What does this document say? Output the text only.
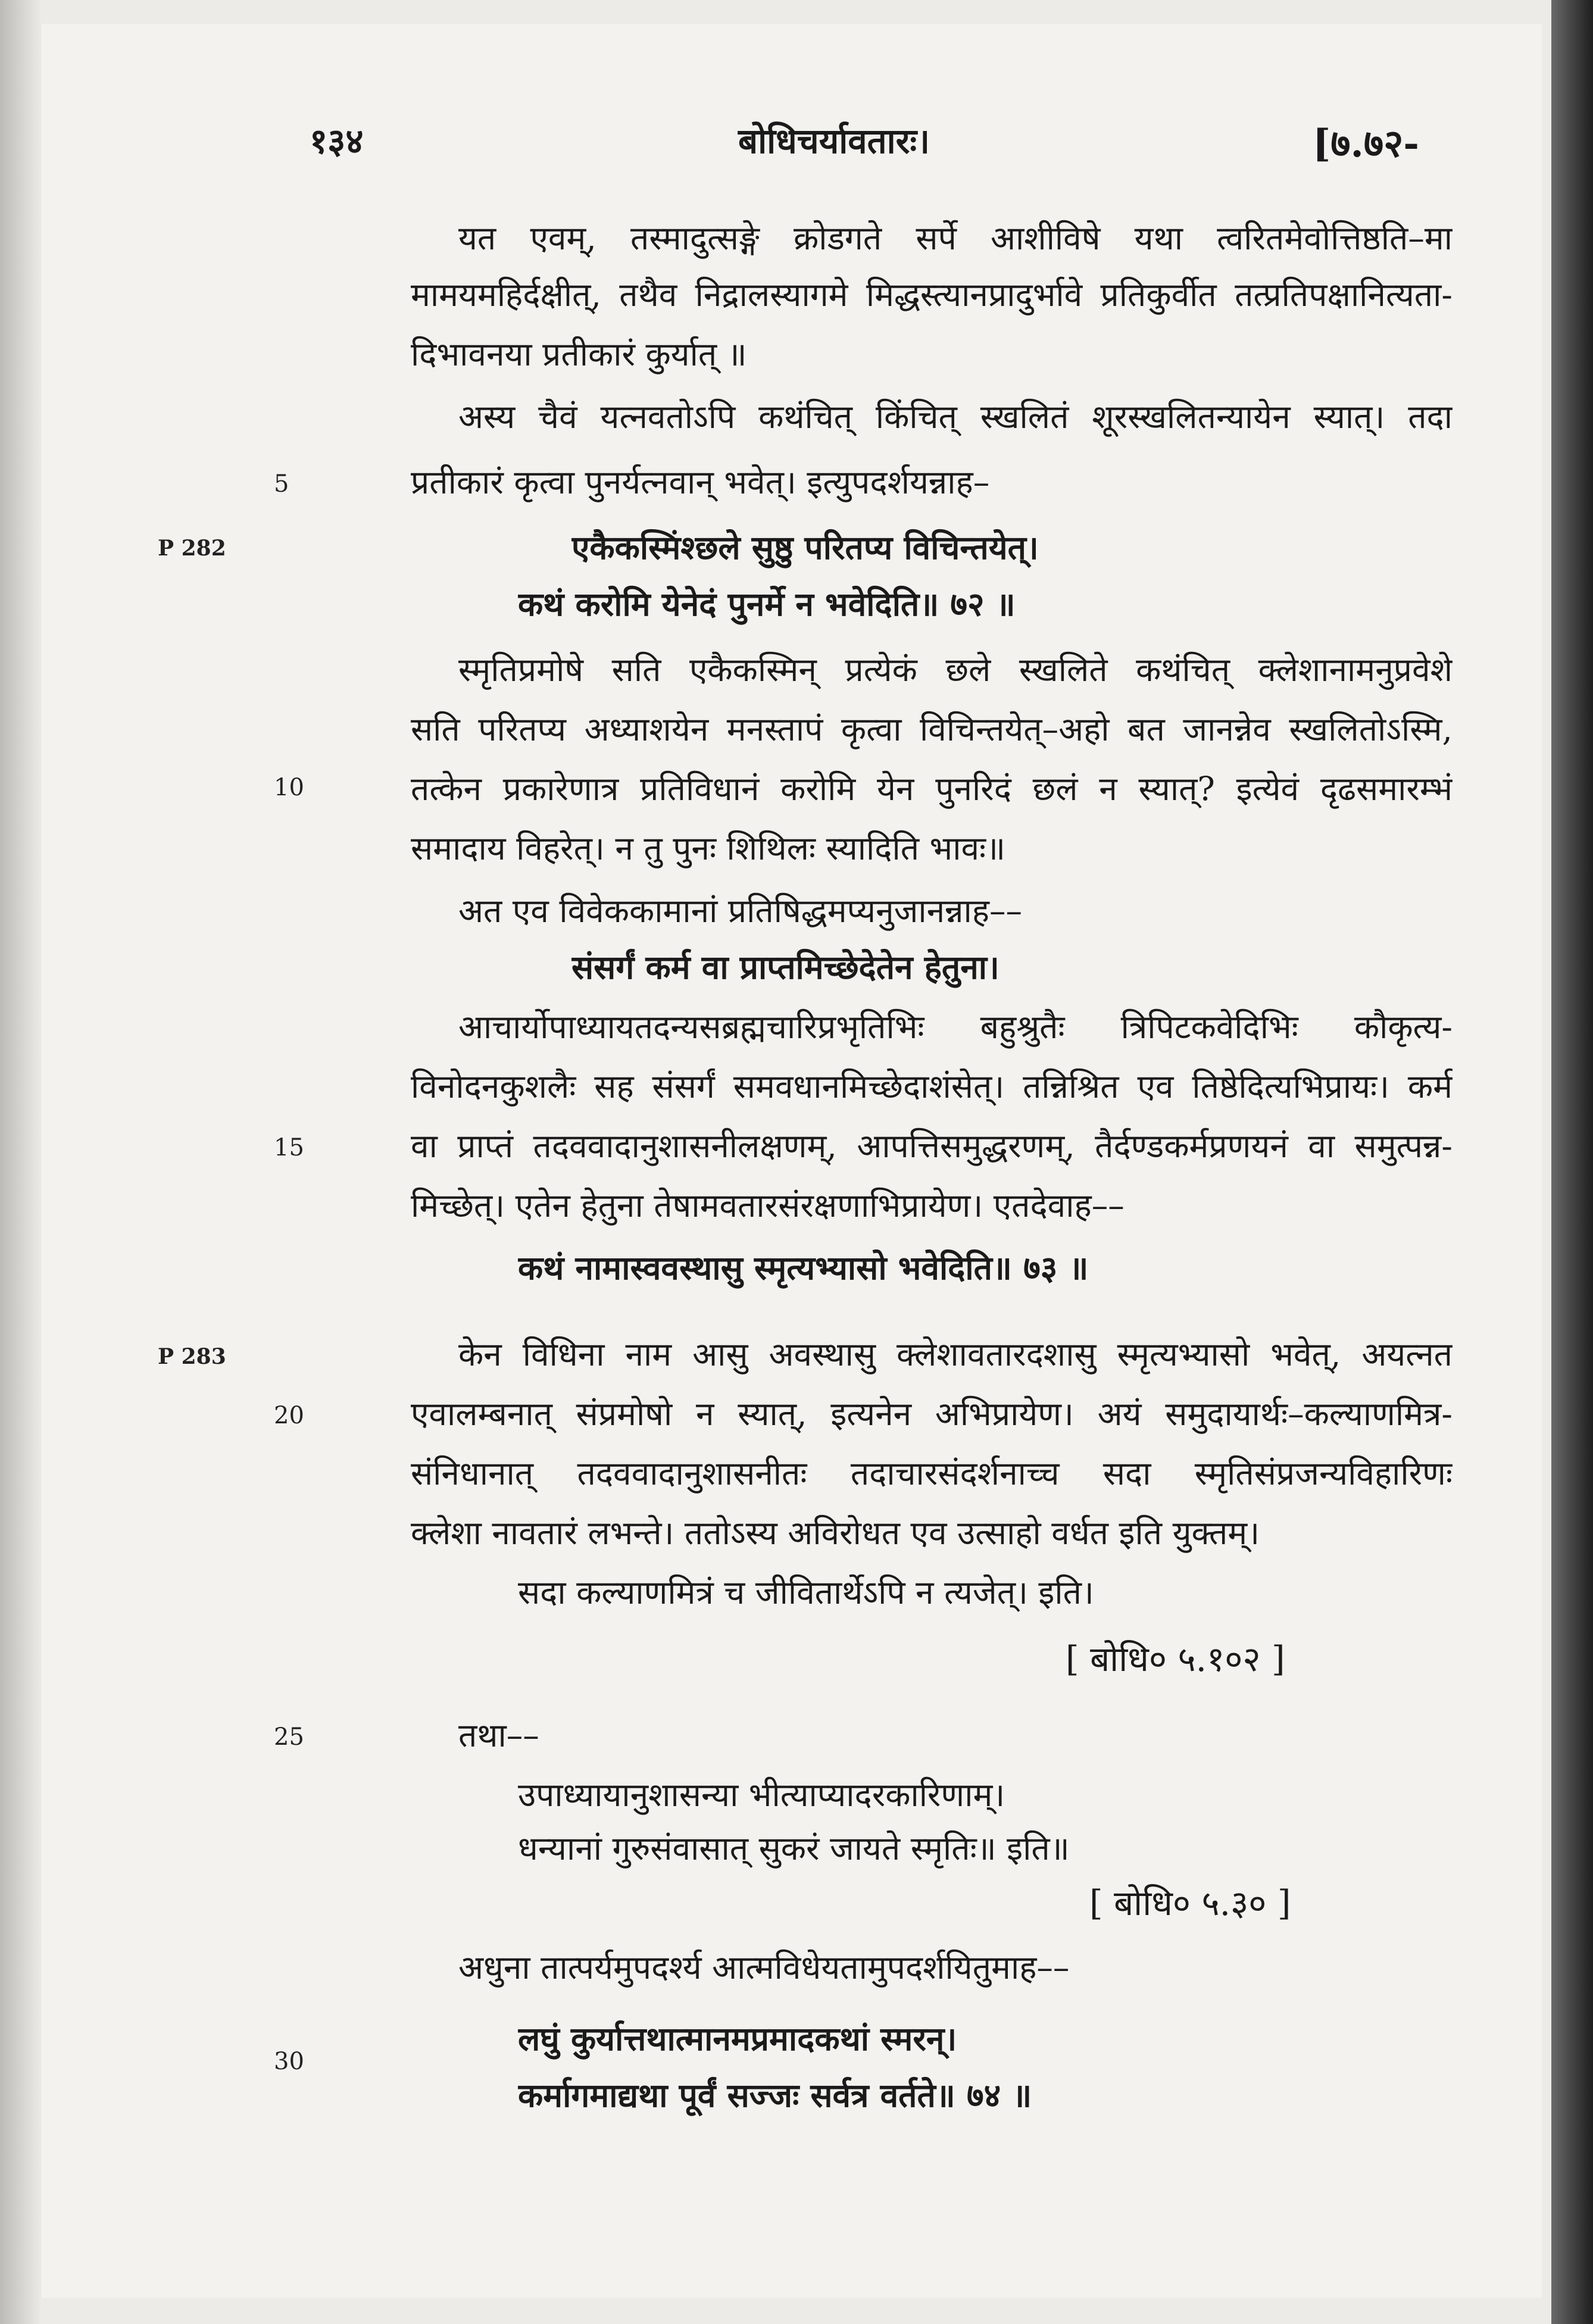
१३४	बोधिचर्यावतारः।	[७.७२-
P 282
P 283
5
10
15
20
25
30
यत एवम्, तस्मादुत्सङ्गे क्रोडगते सर्पे आशीविषे यथा त्वरितमेवोत्तिष्ठति–मा
मामयमहिर्दक्षीत्, तथैव निद्रालस्यागमे मिद्धस्त्यानप्रादुर्भावे प्रतिकुर्वीत तत्प्रतिपक्षानित्यता-
दिभावनया प्रतीकारं कुर्यात् ॥
अस्य चैवं यत्नवतोऽपि कथंचित् किंचित् स्खलितं शूरस्खलितन्यायेन स्यात्। तदा
प्रतीकारं कृत्वा पुनर्यत्नवान् भवेत्। इत्युपदर्शयन्नाह–
एकैकस्मिंश्छले सुष्ठु परितप्य विचिन्तयेत्।
कथं करोमि येनेदं पुनर्मे न भवेदिति॥ ७२ ॥
स्मृतिप्रमोषे सति एकैकस्मिन् प्रत्येकं छले स्खलिते कथंचित् क्लेशानामनुप्रवेशे
सति परितप्य अध्याशयेन मनस्तापं कृत्वा विचिन्तयेत्–अहो बत जानन्नेव स्खलितोऽस्मि,
तत्केन प्रकारेणात्र प्रतिविधानं करोमि येन पुनरिदं छलं न स्यात्? इत्येवं दृढसमारम्भं
समादाय विहरेत्। न तु पुनः शिथिलः स्यादिति भावः॥
अत एव विवेककामानां प्रतिषिद्धमप्यनुजानन्नाह––
संसर्गं कर्म वा प्राप्तमिच्छेदेतेन हेतुना।
आचार्योपाध्यायतदन्यसब्रह्मचारिप्रभृतिभिः बहुश्रुतैः त्रिपिटकवेदिभिः कौकृत्य-
विनोदनकुशलैः सह संसर्गं समवधानमिच्छेदाशंसेत्। तन्निश्रित एव तिष्ठेदित्यभिप्रायः। कर्म
वा प्राप्तं तदववादानुशासनीलक्षणम्, आपत्तिसमुद्धरणम्, तैर्दण्डकर्मप्रणयनं वा समुत्पन्न-
मिच्छेत्। एतेन हेतुना तेषामवतारसंरक्षणाभिप्रायेण। एतदेवाह––
कथं नामास्ववस्थासु स्मृत्यभ्यासो भवेदिति॥ ७३ ॥
केन विधिना नाम आसु अवस्थासु क्लेशावतारदशासु स्मृत्यभ्यासो भवेत्, अयत्नत
एवालम्बनात् संप्रमोषो न स्यात्, इत्यनेन अभिप्रायेण। अयं समुदायार्थः–कल्याणमित्र-
संनिधानात् तदववादानुशासनीतः तदाचारसंदर्शनाच्च सदा स्मृतिसंप्रजन्यविहारिणः
क्लेशा नावतारं लभन्ते। ततोऽस्य अविरोधत एव उत्साहो वर्धत इति युक्तम्।
सदा कल्याणमित्रं च जीवितार्थेऽपि न त्यजेत्। इति।
[ बोधि० ५.१०२ ]
तथा––
उपाध्यायानुशासन्या भीत्याप्यादरकारिणाम्।
धन्यानां गुरुसंवासात् सुकरं जायते स्मृतिः॥ इति॥
[ बोधि० ५.३० ]
अधुना तात्पर्यमुपदर्श्य आत्मविधेयतामुपदर्शयितुमाह––
लघुं कुर्यात्तथात्मानमप्रमादकथां स्मरन्।
कर्मागमाद्यथा पूर्वं सज्जः सर्वत्र वर्तते॥ ७४ ॥
